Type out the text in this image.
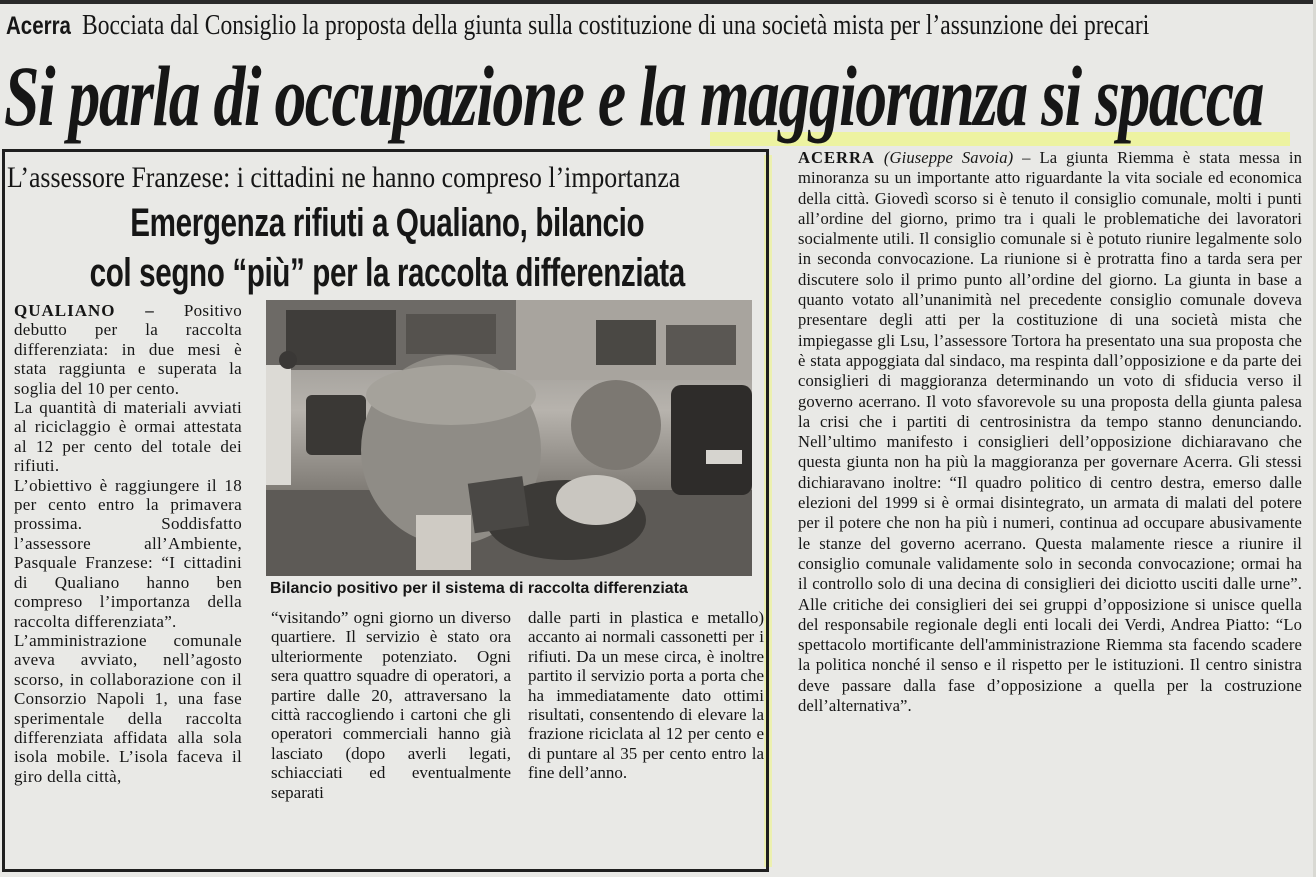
Acerra Bocciata dal Consiglio la proposta della giunta sulla costituzione di una società mista per l’assunzione dei precari
Si parla di occupazione e la maggioranza si spacca
L’assessore Franzese: i cittadini ne hanno compreso l’importanza
Emergenza rifiuti a Qualiano, bilancio
col segno “più” per la raccolta differenziata

QUALIANO – Positivo debutto per la raccolta differenziata: in due mesi è stata raggiunta e superata la soglia del 10 per cento.

La quantità di materiali avviati al riciclaggio è ormai attestata al 12 per cento del totale dei rifiuti.

L’obiettivo è raggiungere il 18 per cento entro la primavera prossima. Soddisfatto l’assessore all’Ambiente, Pasquale Franzese: “I cittadini di Qualiano hanno ben compreso l’importanza della raccolta differenziata”.

L’amministrazione comunale aveva avviato, nell’agosto scorso, in collaborazione con il Consorzio Napoli 1, una fase sperimentale della raccolta differenziata affidata alla sola isola mobile. L’isola faceva il giro della città,

Bilancio positivo per il sistema di raccolta differenziata

“visitando” ogni giorno un diverso quartiere. Il servizio è stato ora ulteriormente potenziato. Ogni sera quattro squadre di operatori, a partire dalle 20, attraversano la città raccogliendo i cartoni che gli operatori commerciali hanno già lasciato (dopo averli legati, schiacciati ed eventualmente separati

dalle parti in plastica e metallo) accanto ai normali cassonetti per i rifiuti. Da un mese circa, è inoltre partito il servizio porta a porta che ha immediatamente dato ottimi risultati, consentendo di elevare la frazione riciclata al 12 per cento e di puntare al 35 per cento entro la fine dell’anno.

ACERRA (Giuseppe Savoia) – La giunta Riemma è stata messa in minoranza su un importante atto riguardante la vita sociale ed economica della città. Giovedì scorso si è tenuto il consiglio comunale, molti i punti all’ordine del giorno, primo tra i quali le problematiche dei lavoratori socialmente utili. Il consiglio comunale si è potuto riunire legalmente solo in seconda convocazione. La riunione si è protratta fino a tarda sera per discutere solo il primo punto all’ordine del giorno. La giunta in base a quanto votato all’unanimità nel precedente consiglio comunale doveva presentare degli atti per la costituzione di una società mista che impiegasse gli Lsu, l’assessore Tortora ha presentato una sua proposta che è stata appoggiata dal sindaco, ma respinta dall’opposizione e da parte dei consiglieri di maggioranza determinando un voto di sfiducia verso il governo acerrano. Il voto sfavorevole su una proposta della giunta palesa la crisi che i partiti di centrosinistra da tempo stanno denunciando. Nell’ultimo manifesto i consiglieri dell’opposizione dichiaravano che questa giunta non ha più la maggioranza per governare Acerra. Gli stessi dichiaravano inoltre: “Il quadro politico di centro destra, emerso dalle elezioni del 1999 si è ormai disintegrato, un armata di malati del potere per il potere che non ha più i numeri, continua ad occupare abusivamente le stanze del governo acerrano. Questa malamente riesce a riunire il consiglio comunale validamente solo in seconda convocazione; ormai ha il controllo solo di una decina di consiglieri dei diciotto usciti dalle urne”. Alle critiche dei consiglieri dei sei gruppi d’opposizione si unisce quella del responsabile regionale degli enti locali dei Verdi, Andrea Piatto: “Lo spettacolo mortificante dell'amministrazione Riemma sta facendo scadere la politica nonché il senso e il rispetto per le istituzioni. Il centro sinistra deve passare dalla fase d’opposizione a quella per la costruzione dell’alternativa”.
